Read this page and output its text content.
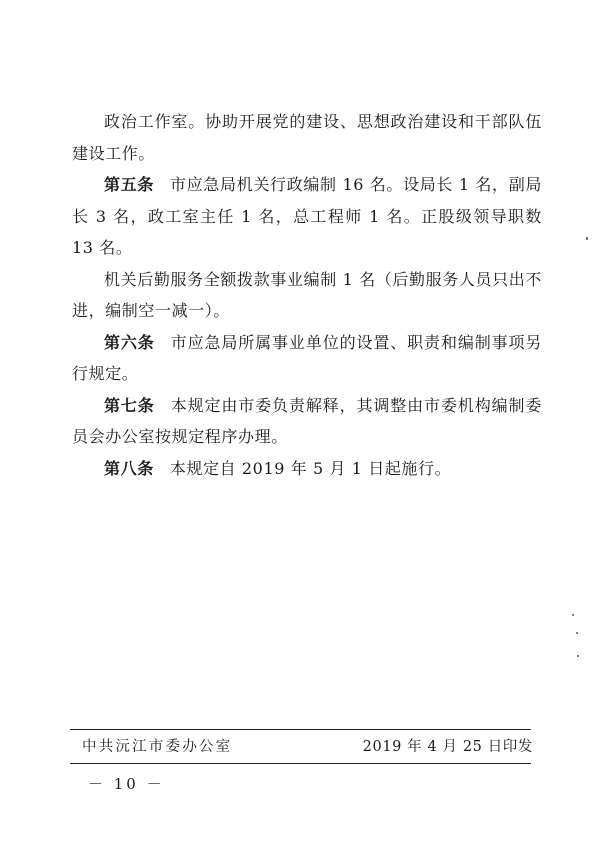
政治工作室。协助开展党的建设、思想政治建设和干部队伍建设工作。

第五条 市应急局机关行政编制 16 名。设局长 1 名，副局长 3 名，政工室主任 1 名，总工程师 1 名。正股级领导职数 13 名。

机关后勤服务全额拨款事业编制 1 名（后勤服务人员只出不进，编制空一减一）。

第六条 市应急局所属事业单位的设置、职责和编制事项另行规定。

第七条 本规定由市委负责解释，其调整由市委机构编制委员会办公室按规定程序办理。

第八条 本规定自 2019 年 5 月 1 日起施行。

中共沅江市委办公室	2019 年 4 月 25 日印发
－ 10 －
